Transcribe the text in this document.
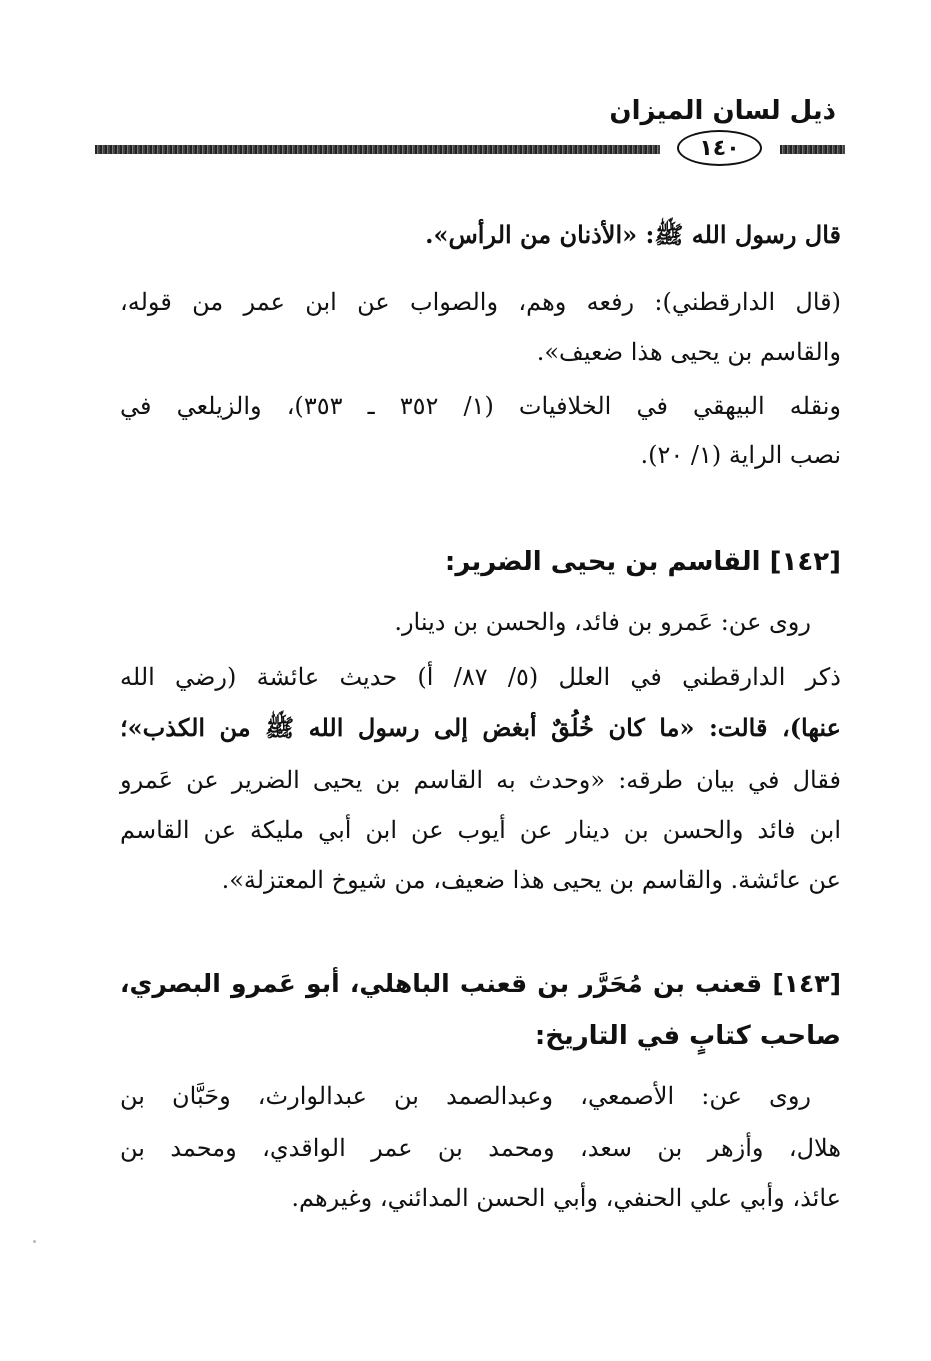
ذيل لسان الميزان
١٤٠
قال رسول الله ﷺ: «الأذنان من الرأس».
(قال الدارقطني): رفعه وهم، والصواب عن ابن عمر من قوله،
والقاسم بن يحيى هذا ضعيف».
ونقله البيهقي في الخلافيات (١/ ٣٥٢ ـ ٣٥٣)، والزيلعي في
نصب الراية (١/ ٢٠).
[١٤٢] القاسم بن يحيى الضرير:
روى عن: عَمرو بن فائد، والحسن بن دينار.
ذكر الدارقطني في العلل (٥/ ٨٧/ أ) حديث عائشة (رضي الله
عنها)، قالت: «ما كان خُلُقٌ أبغض إلى رسول الله ﷺ من الكذب»؛
فقال في بيان طرقه: «وحدث به القاسم بن يحيى الضرير عن عَمرو
ابن فائد والحسن بن دينار عن أيوب عن ابن أبي مليكة عن القاسم
عن عائشة. والقاسم بن يحيى هذا ضعيف، من شيوخ المعتزلة».
[١٤٣] قعنب بن مُحَرَّر بن قعنب الباهلي، أبو عَمرو البصري،
صاحب كتابٍ في التاريخ:
روى عن: الأصمعي، وعبدالصمد بن عبدالوارث، وحَبَّان بن
هلال، وأزهر بن سعد، ومحمد بن عمر الواقدي، ومحمد بن
عائذ، وأبي علي الحنفي، وأبي الحسن المدائني، وغيرهم.
